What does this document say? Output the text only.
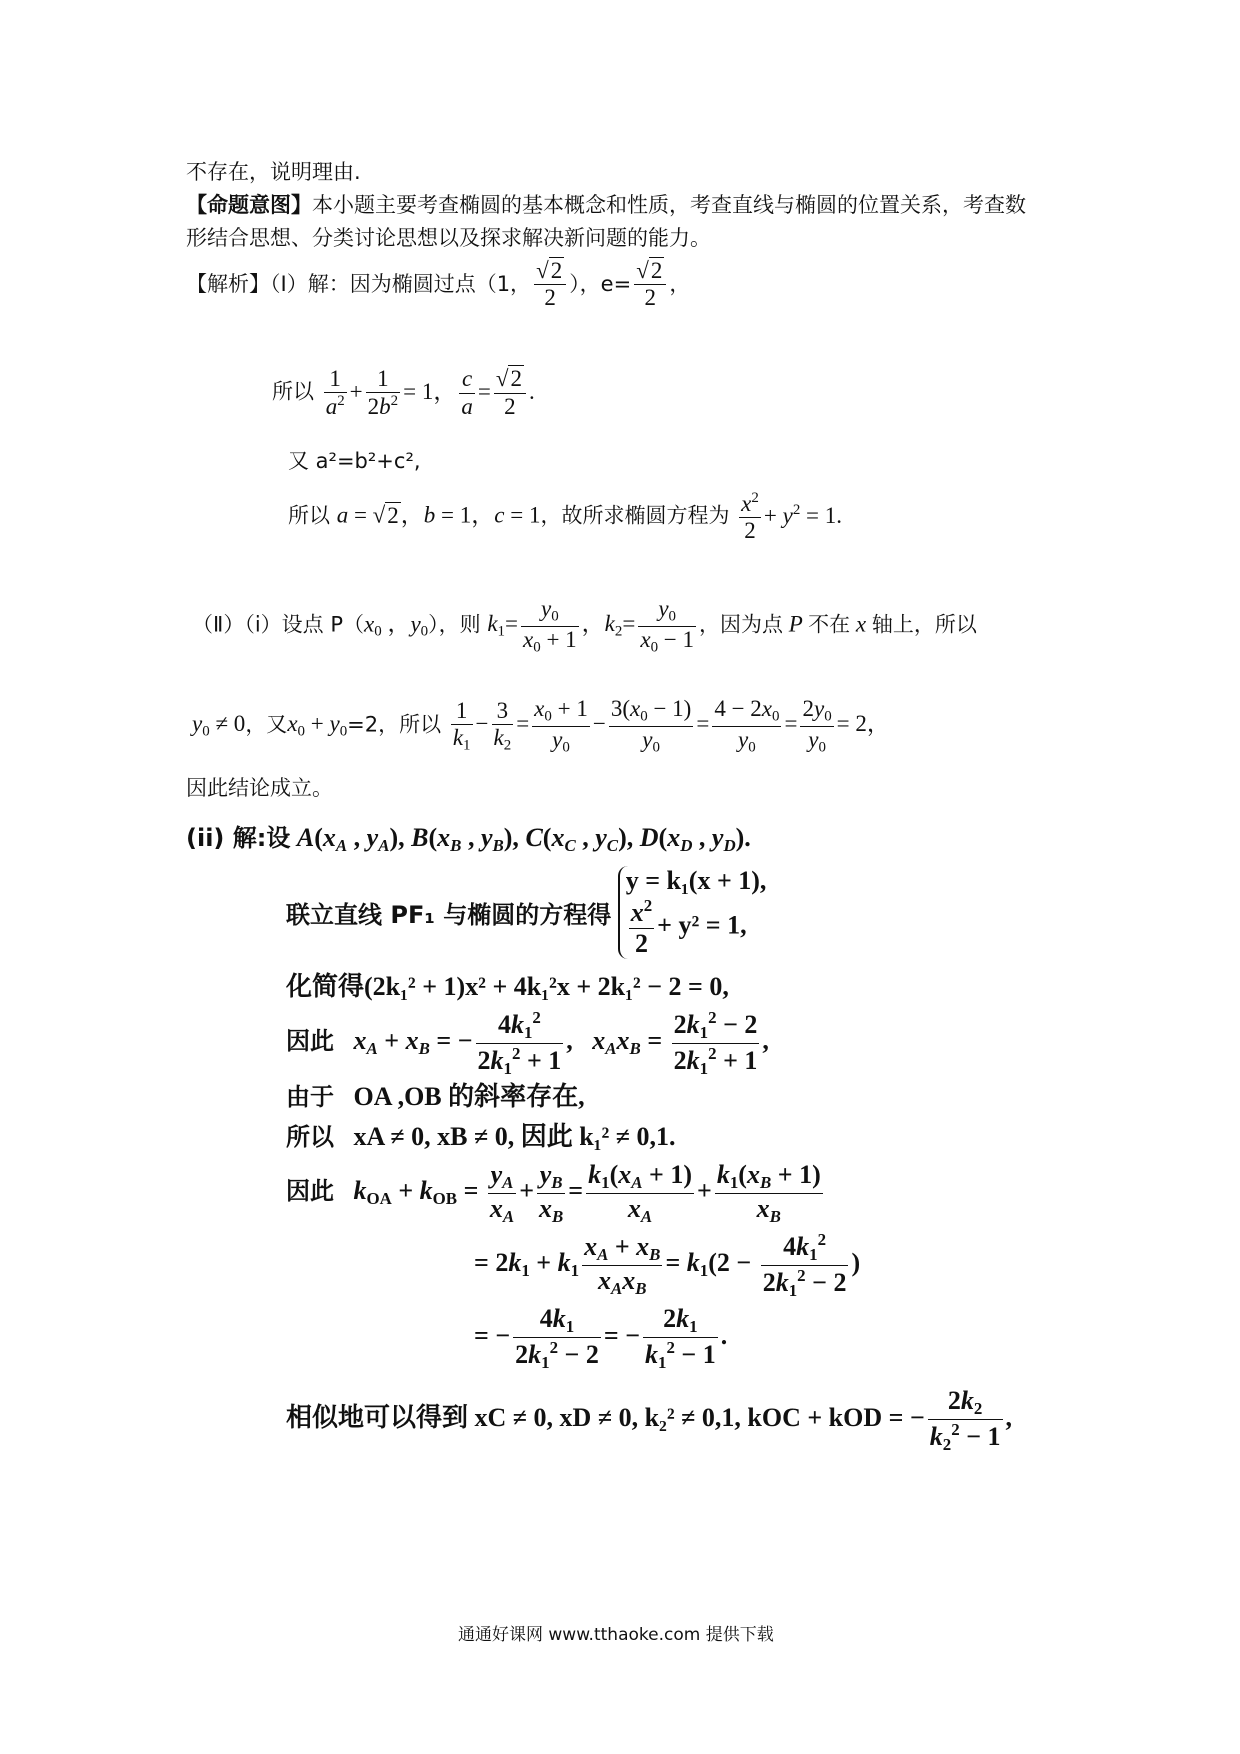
不存在，说明理由.
【命题意图】本小题主要考查椭圆的基本概念和性质，考查直线与椭圆的位置关系，考查数
形结合思想、分类讨论思想以及探求解决新问题的能力。
【解析】（Ⅰ）解：因为椭圆过点（1， $\frac{√2}{2}$ ），$e= \frac{√2}{2}$ ，
所以 $\frac{1}{a^2} + \frac{1}{2b^2} = 1$， $\frac{c}{a} = \frac{√2}{2}$ .
又 a²=b²+c²,
所以 a = √2，b = 1，c = 1，故所求椭圆方程为 $\frac{x^2}{2} + y^2 = 1$.
（Ⅱ）（i）设点 $P(x_0$ ，$y_0$），则 $k_1= \frac{y_0}{x_0 + 1}$ ，$k_2= \frac{y_0}{x_0 - 1}$ ，因为点 P 不在 x 轴上，所以
$y_0 \ne 0$，又$x_0 + y_0=2$，所以 $\frac{1}{k_1} - \frac{3}{k_2} = \frac{x_0 + 1}{y_0} - \frac{3(x_0 - 1)}{y_0} = \frac{4 - 2x_0}{y_0} = \frac{2y_0}{y_0} = 2$，
因此结论成立。
(ii) 解:设 $A(x_A$ , $y_A$), $B(x_B$ , $y_B$), $C(x_C$ , $y_C$), $D(x_D$ , $y_D$).
联立直线 PF₁ 与椭圆的方程得
y = k₁(x + 1),
$\frac{x^2}{2} + y^2 = 1$,
化简得(2k₁² + 1)x² + 4k₁²x + 2k₁² − 2 = 0,
因此 $x_A + x_B$ = − $\frac{4k_1^2}{2k_1^2 + 1}$ ,   $x_Ax_B = \frac{2k_1^2 - 2}{2k_1^2 + 1}$ ,
由于 OA ,OB 的斜率存在,
所以 xA ≠ 0, xB ≠ 0, 因此 k₁² ≠ 0,1.
因此 $k_{OA} + k_{OB} = \frac{y_A}{x_A} + \frac{y_B}{x_B} = \frac{k_1(x_A + 1)}{x_A} + \frac{k_1(x_B + 1)}{x_B}$
= $2k_1 + k_1 \frac{x_A + x_B}{x_Ax_B} = k_1(2 - \frac{4k_1^2}{2k_1^2 - 2}$ )
= − $\frac{4k_1}{2k_1^2 - 2}$ = − $\frac{2k_1}{k_1^2 - 1}$ .
相似地可以得到 xC ≠ 0, xD ≠ 0, k₂² ≠ 0,1, kOC + kOD = − $\frac{2k_2}{k_2^2 - 1}$ ,
通通好课网 www.tthaoke.com 提供下载
